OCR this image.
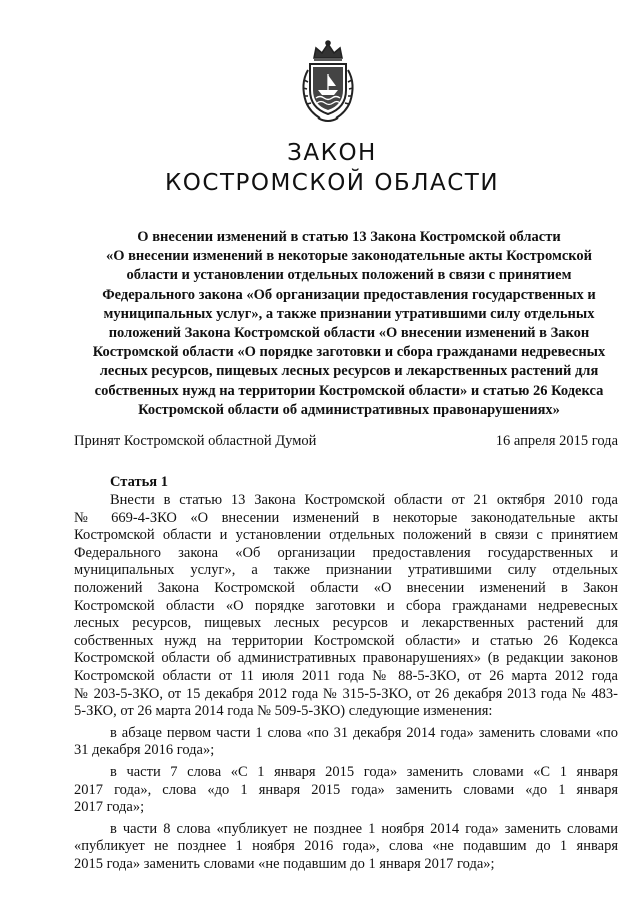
ЗАКОН
КОСТРОМСКОЙ ОБЛАСТИ
О внесении изменений в статью 13 Закона Костромской области
«О внесении изменений в некоторые законодательные акты Костромской
области и установлении отдельных положений в связи с принятием
Федерального закона «Об организации предоставления государственных и
муниципальных услуг», а также признании утратившими силу отдельных
положений Закона Костромской области «О внесении изменений в Закон
Костромской области «О порядке заготовки и сбора гражданами недревесных
лесных ресурсов, пищевых лесных ресурсов и лекарственных растений для
собственных нужд на территории Костромской области» и статью 26 Кодекса
Костромской области об административных правонарушениях»
Принят Костромской областной Думой	16 апреля 2015 года
Статья 1
Внести в статью 13 Закона Костромской области от 21 октября 2010 года
№ 669-4-ЗКО «О внесении изменений в некоторые законодательные акты
Костромской области и установлении отдельных положений в связи с принятием
Федерального закона «Об организации предоставления государственных и
муниципальных услуг», а также признании утратившими силу отдельных
положений Закона Костромской области «О внесении изменений в Закон
Костромской области «О порядке заготовки и сбора гражданами недревесных
лесных ресурсов, пищевых лесных ресурсов и лекарственных растений для
собственных нужд на территории Костромской области» и статью 26 Кодекса
Костромской области об административных правонарушениях» (в редакции законов
Костромской области от 11 июля 2011 года № 88-5-ЗКО, от 26 марта 2012 года
№ 203-5-ЗКО, от 15 декабря 2012 года № 315-5-ЗКО, от 26 декабря 2013 года № 483-
5-ЗКО, от 26 марта 2014 года № 509-5-ЗКО) следующие изменения:
в абзаце первом части 1 слова «по 31 декабря 2014 года» заменить словами «по
31 декабря 2016 года»;
в части 7 слова «С 1 января 2015 года» заменить словами «С 1 января
2017 года», слова «до 1 января 2015 года» заменить словами «до 1 января
2017 года»;
в части 8 слова «публикует не позднее 1 ноября 2014 года» заменить словами
«публикует не позднее 1 ноября 2016 года», слова «не подавшим до 1 января
2015 года» заменить словами «не подавшим до 1 января 2017 года»;
